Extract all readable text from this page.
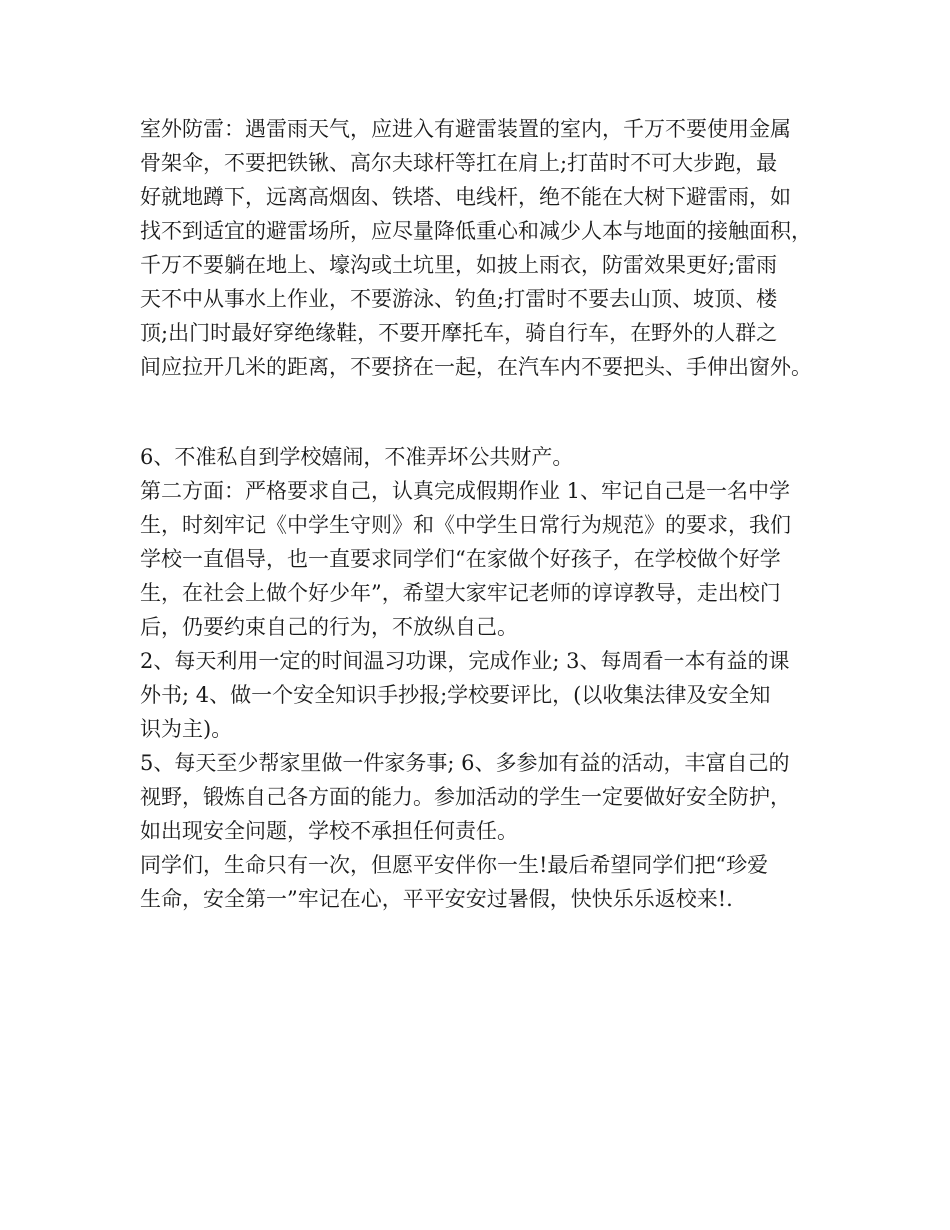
室外防雷：遇雷雨天气，应进入有避雷装置的室内，千万不要使用金属
骨架伞，不要把铁锹、高尔夫球杆等扛在肩上;打苗时不可大步跑，最
好就地蹲下，远离高烟囱、铁塔、电线杆，绝不能在大树下避雷雨，如
找不到适宜的避雷场所，应尽量降低重心和减少人本与地面的接触面积，
千万不要躺在地上、壕沟或土坑里，如披上雨衣，防雷效果更好;雷雨
天不中从事水上作业，不要游泳、钓鱼;打雷时不要去山顶、坡顶、楼
顶;出门时最好穿绝缘鞋，不要开摩托车，骑自行车，在野外的人群之
间应拉开几米的距离，不要挤在一起，在汽车内不要把头、手伸出窗外。
6、不准私自到学校嬉闹，不准弄坏公共财产。
第二方面：严格要求自己，认真完成假期作业 1、牢记自己是一名中学
生，时刻牢记《中学生守则》和《中学生日常行为规范》的要求，我们
学校一直倡导，也一直要求同学们“在家做个好孩子，在学校做个好学
生，在社会上做个好少年”，希望大家牢记老师的谆谆教导，走出校门
后，仍要约束自己的行为，不放纵自己。
2、每天利用一定的时间温习功课，完成作业; 3、每周看一本有益的课
外书; 4、做一个安全知识手抄报;学校要评比，(以收集法律及安全知
识为主)。
5、每天至少帮家里做一件家务事; 6、多参加有益的活动，丰富自己的
视野，锻炼自己各方面的能力。参加活动的学生一定要做好安全防护，
如出现安全问题，学校不承担任何责任。
同学们，生命只有一次，但愿平安伴你一生!最后希望同学们把“珍爱
生命，安全第一”牢记在心，平平安安过暑假，快快乐乐返校来!.
